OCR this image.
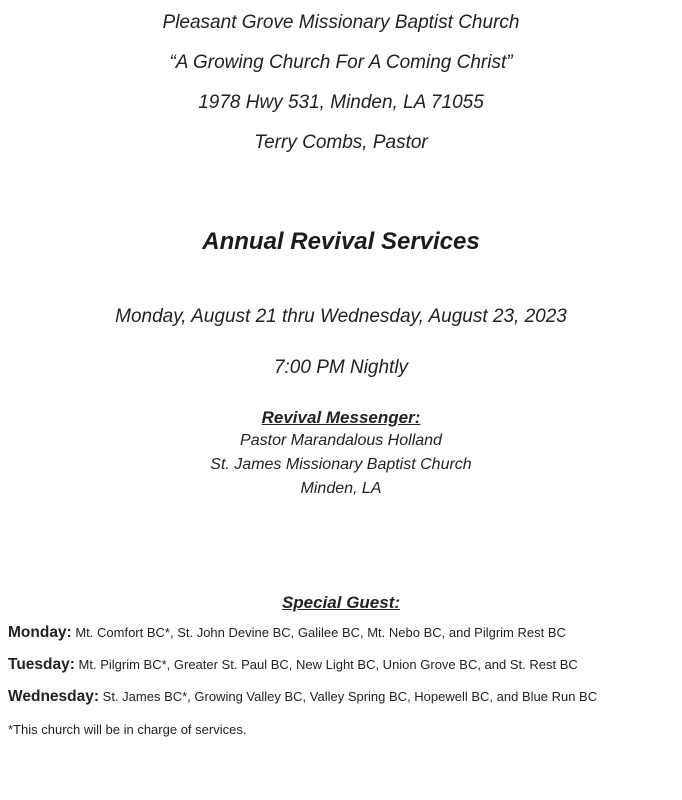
Pleasant Grove Missionary Baptist Church
“A Growing Church For A Coming Christ”
1978 Hwy 531, Minden, LA 71055
Terry Combs, Pastor
Annual Revival Services
Monday, August 21 thru Wednesday, August 23, 2023
7:00 PM Nightly
Revival Messenger:
Pastor Marandalous Holland
St. James Missionary Baptist Church
Minden, LA
Special Guest:
Monday: Mt. Comfort BC*, St. John Devine BC, Galilee BC, Mt. Nebo BC, and Pilgrim Rest BC
Tuesday: Mt. Pilgrim BC*, Greater St. Paul BC, New Light BC, Union Grove BC, and St. Rest BC
Wednesday: St. James BC*, Growing Valley BC, Valley Spring BC, Hopewell BC, and Blue Run BC
*This church will be in charge of services.
